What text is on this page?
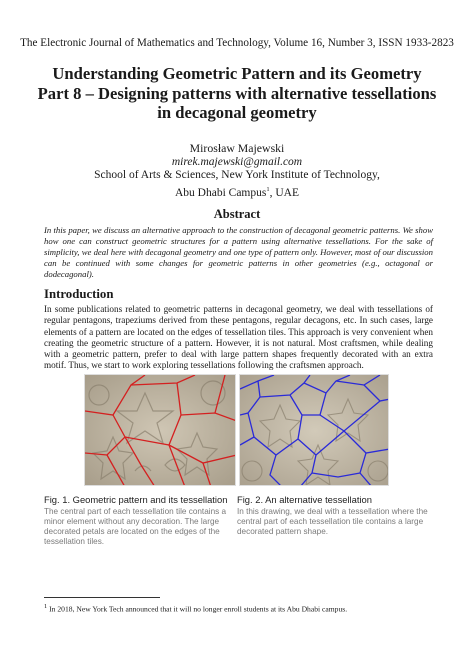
The Electronic Journal of Mathematics and Technology, Volume 16, Number 3, ISSN 1933-2823
Understanding Geometric Pattern and its Geometry
Part 8 – Designing patterns with alternative tessellations
in decagonal geometry
Mirosław Majewski
mirek.majewski@gmail.com
School of Arts & Sciences, New York Institute of Technology,
Abu Dhabi Campus$^1$, UAE
Abstract
In this paper, we discuss an alternative approach to the construction of decagonal geometric patterns. We show how one can construct geometric structures for a pattern using alternative tessellations. For the sake of simplicity, we deal here with decagonal geometry and one type of pattern only. However, most of our discussion can be continued with some changes for geometric patterns in other geometries (e.g., octagonal or dodecagonal).
Introduction
In some publications related to geometric patterns in decagonal geometry, we deal with tessellations of regular pentagons, trapeziums derived from these pentagons, regular decagons, etc. In such cases, large elements of a pattern are located on the edges of tessellation tiles. This approach is very convenient when creating the geometric structure of a pattern. However, it is not natural. Most craftsmen, while dealing with a geometric pattern, prefer to deal with large pattern shapes frequently decorated with an extra motif. Thus, we start to work exploring tessellations following the craftsmen approach.
Fig. 1. Geometric pattern and its tessellation Fig. 2. An alternative tessellation
The central part of each tessellation tile contains a minor element without any decoration. The large decorated petals are located on the edges of the tessellation tiles.
In this drawing, we deal with a tessellation where the central part of each tessellation tile contains a large decorated pattern shape.
$^1$ In 2018, New York Tech announced that it will no longer enroll students at its Abu Dhabi campus.
